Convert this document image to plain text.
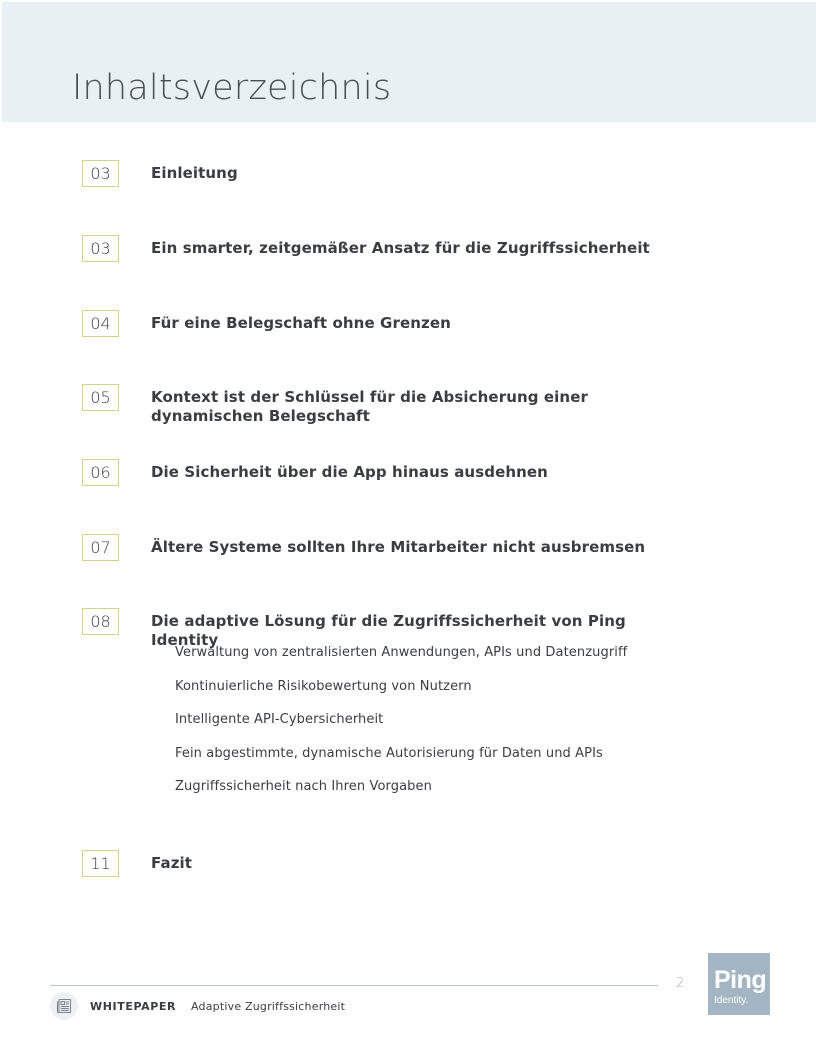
Inhaltsverzeichnis
03	Einleitung
03	Ein smarter, zeitgemäßer Ansatz für die Zugriffssicherheit
04	Für eine Belegschaft ohne Grenzen
05	Kontext ist der Schlüssel für die Absicherung einer dynamischen Belegschaft
06	Die Sicherheit über die App hinaus ausdehnen
07	Ältere Systeme sollten Ihre Mitarbeiter nicht ausbremsen
08	Die adaptive Lösung für die Zugriffssicherheit von Ping Identity
Verwaltung von zentralisierten Anwendungen, APIs und Datenzugriff
Kontinuierliche Risikobewertung von Nutzern
Intelligente API-Cybersicherheit
Fein abgestimmte, dynamische Autorisierung für Daten und APIs
Zugriffssicherheit nach Ihren Vorgaben
11	Fazit
2
WHITEPAPER Adaptive Zugriffssicherheit
Ping
Identity.
